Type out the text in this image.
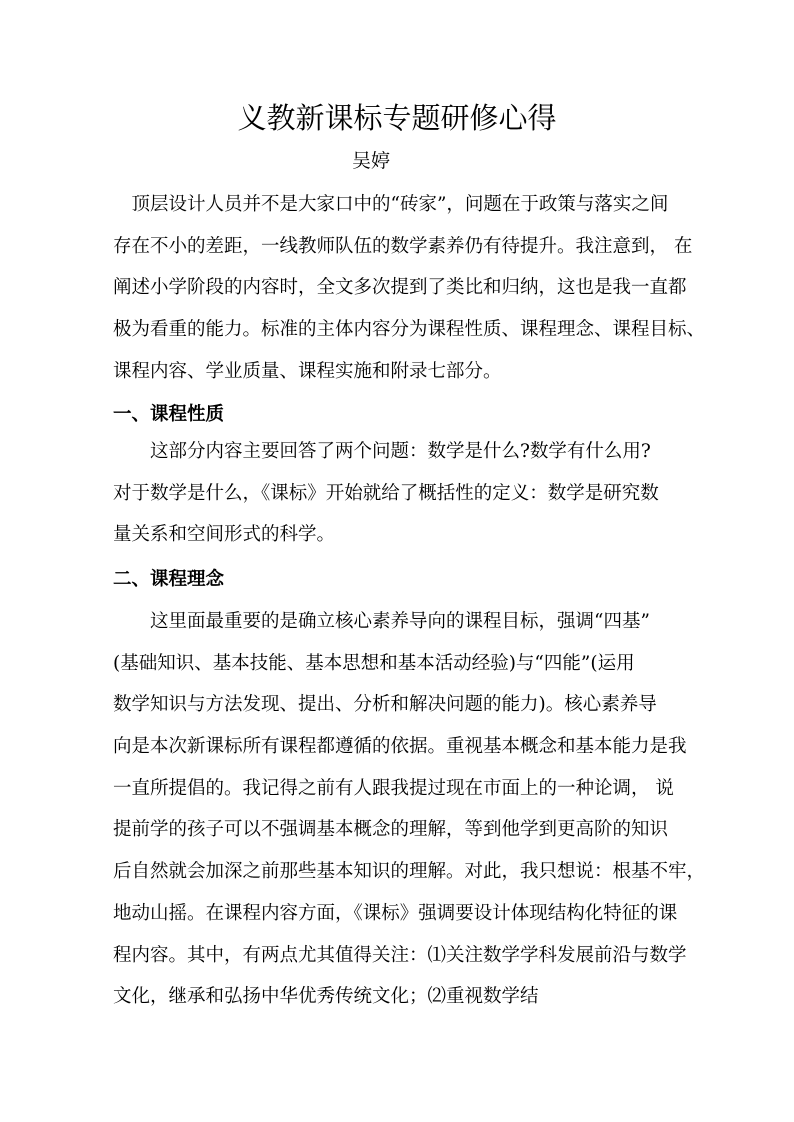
义教新课标专题研修心得
吴婷
　顶层设计人员并不是大家口中的“砖家”，问题在于政策与落实之间
存在不小的差距，一线教师队伍的数学素养仍有待提升。我注意到， 在
阐述小学阶段的内容时，全文多次提到了类比和归纳，这也是我一直都
极为看重的能力。标准的主体内容分为课程性质、课程理念、课程目标、
课程内容、学业质量、课程实施和附录七部分。
一、课程性质
　　这部分内容主要回答了两个问题：数学是什么?数学有什么用?
对于数学是什么，《课标》开始就给了概括性的定义：数学是研究数
量关系和空间形式的科学。
二、课程理念
　　这里面最重要的是确立核心素养导向的课程目标，强调“四基”
(基础知识、基本技能、基本思想和基本活动经验)与“四能”(运用
数学知识与方法发现、提出、分析和解决问题的能力)。核心素养导
向是本次新课标所有课程都遵循的依据。重视基本概念和基本能力是我
一直所提倡的。我记得之前有人跟我提过现在市面上的一种论调， 说
提前学的孩子可以不强调基本概念的理解，等到他学到更高阶的知识
后自然就会加深之前那些基本知识的理解。对此，我只想说：根基不牢，
地动山摇。在课程内容方面，《课标》强调要设计体现结构化特征的课
程内容。其中，有两点尤其值得关注：⑴关注数学学科发展前沿与数学
文化，继承和弘扬中华优秀传统文化；⑵重视数学结
